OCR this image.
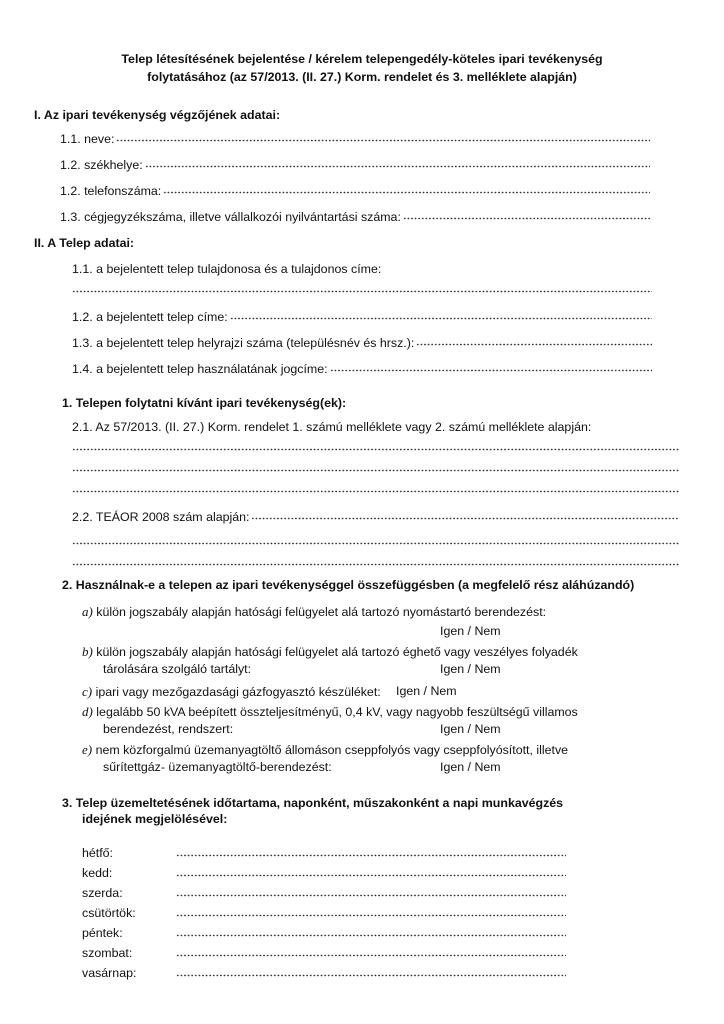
Telep létesítésének bejelentése / kérelem telepengedély-köteles ipari tevékenység
folytatásához (az 57/2013. (II. 27.) Korm. rendelet és 3. melléklete alapján)
I. Az ipari tevékenység végzőjének adatai:
1.1. neve:
1.2. székhelye:
1.2. telefonszáma:
1.3. cégjegyzékszáma, illetve vállalkozói nyilvántartási száma:
II. A Telep adatai:
1.1. a bejelentett telep tulajdonosa és a tulajdonos címe:
1.2. a bejelentett telep címe:
1.3. a bejelentett telep helyrajzi száma (településnév és hrsz.):
1.4. a bejelentett telep használatának jogcíme:
1. Telepen folytatni kívánt ipari tevékenység(ek):
2.1. Az 57/2013. (II. 27.) Korm. rendelet 1. számú melléklete vagy 2. számú melléklete alapján:
2.2. TEÁOR 2008 szám alapján:
2. Használnak-e a telepen az ipari tevékenységgel összefüggésben (a megfelelő rész aláhúzandó)
a) külön jogszabály alapján hatósági felügyelet alá tartozó nyomástartó berendezést:
Igen / Nem
b) külön jogszabály alapján hatósági felügyelet alá tartozó éghető vagy veszélyes folyadék
tárolására szolgáló tartályt:	Igen / Nem
c) ipari vagy mezőgazdasági gázfogyasztó készüléket: Igen / Nem
d) legalább 50 kVA beépített összteljesítményű, 0,4 kV, vagy nagyobb feszültségű villamos
berendezést, rendszert:	Igen / Nem
e) nem közforgalmú üzemanyagtöltő állomáson cseppfolyós vagy cseppfolyósított, illetve
sűrítettgáz- üzemanyagtöltő-berendezést:	Igen / Nem
3. Telep üzemeltetésének időtartama, naponként, műszakonként a napi munkavégzés
idejének megjelölésével:
hétfő:
kedd:
szerda:
csütörtök:
péntek:
szombat:
vasárnap:
